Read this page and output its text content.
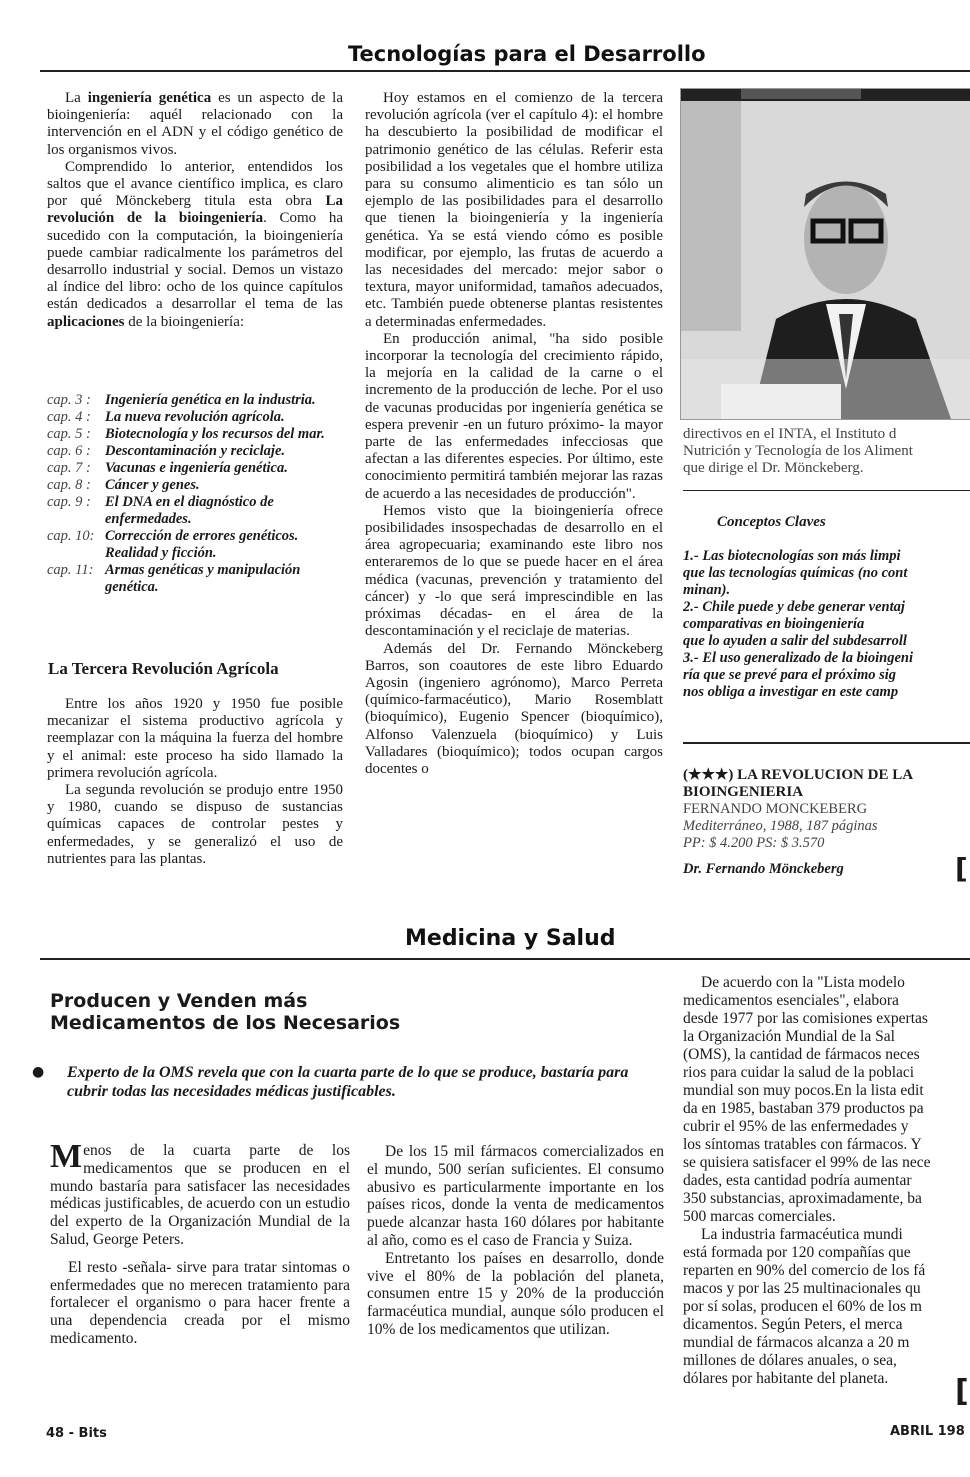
Tecnologías para el Desarrollo

La ingeniería genética es un aspecto de la bioingeniería: aquél relacionado con la intervención en el ADN y el código genético de los organismos vivos.

Comprendido lo anterior, entendidos los saltos que el avance científico implica, es claro por qué Mönckeberg titula esta obra La revolución de la bioingeniería. Como ha sucedido con la computación, la bioingeniería puede cambiar radicalmente los parámetros del desarrollo industrial y social. Demos un vistazo al índice del libro: ocho de los quince capítulos están dedicados a desarrollar el tema de las aplicaciones de la bioingeniería:

cap. 3 : Ingeniería genética en la industria.
cap. 4 : La nueva revolución agrícola.
cap. 5 : Biotecnología y los recursos del mar.
cap. 6 : Descontaminación y reciclaje.
cap. 7 : Vacunas e ingeniería genética.
cap. 8 : Cáncer y genes.
cap. 9 : El DNA en el diagnóstico de enfermedades.
cap. 10: Corrección de errores genéticos. Realidad y ficción.
cap. 11: Armas genéticas y manipulación genética.
La Tercera Revolución Agrícola

Entre los años 1920 y 1950 fue posible mecanizar el sistema productivo agrícola y reemplazar con la máquina la fuerza del hombre y el animal: este proceso ha sido llamado la primera revolución agrícola.

La segunda revolución se produjo entre 1950 y 1980, cuando se dispuso de sustancias químicas capaces de controlar pestes y enfermedades, y se generalizó el uso de nutrientes para las plantas.

Hoy estamos en el comienzo de la tercera revolución agrícola (ver el capítulo 4): el hombre ha descubierto la posibilidad de modificar el patrimonio genético de las células. Referir esta posibilidad a los vegetales que el hombre utiliza para su consumo alimenticio es tan sólo un ejemplo de las posibilidades para el desarrollo que tienen la bioingeniería y la ingeniería genética. Ya se está viendo cómo es posible modificar, por ejemplo, las frutas de acuerdo a las necesidades del mercado: mejor sabor o textura, mayor uniformidad, tamaños adecuados, etc. También puede obtenerse plantas resistentes a determinadas enfermedades.

En producción animal, "ha sido posible incorporar la tecnología del crecimiento rápido, la mejoría en la calidad de la carne o el incremento de la producción de leche. Por el uso de vacunas producidas por ingeniería genética se espera prevenir -en un futuro próximo- la mayor parte de las enfermedades infecciosas que afectan a las diferentes especies. Por último, este conocimiento permitirá también mejorar las razas de acuerdo a las necesidades de producción".

Hemos visto que la bioingeniería ofrece posibilidades insospechadas de desarrollo en el área agropecuaria; examinando este libro nos enteraremos de lo que se puede hacer en el área médica (vacunas, prevención y tratamiento del cáncer) y -lo que será imprescindible en las próximas décadas- en el área de la descontaminación y el reciclaje de materias.

Además del Dr. Fernando Mönckeberg Barros, son coautores de este libro Eduardo Agosin (ingeniero agrónomo), Marco Perreta (químico-farmacéutico), Mario Rosemblatt (bioquímico), Eugenio Spencer (bioquímico), Alfonso Valenzuela (bioquímico) y Luis Valladares (bioquímico); todos ocupan cargos docentes o

directivos en el INTA, el Instituto d
Nutrición y Tecnología de los Aliment
que dirige el Dr. Mönckeberg.
Conceptos Claves
1.- Las biotecnologías son más limpi
que las tecnologías químicas (no cont
minan).
2.- Chile puede y debe generar ventaj
comparativas en bioingeniería
que lo ayuden a salir del subdesarroll
3.- El uso generalizado de la bioingeni
ría que se prevé para el próximo sig
nos obliga a investigar en este camp
(★★★) LA REVOLUCION DE LA
BIOINGENIERIA
FERNANDO MONCKEBERG
Mediterráneo, 1988, 187 páginas
PP: $ 4.200 PS: $ 3.570
Dr. Fernando Mönckeberg	[
Medicina y Salud
Producen y Venden más
Medicamentos de los Necesarios
● Experto de la OMS revela que con la cuarta parte de lo que se produce, bastaría para cubrir todas las necesidades médicas justificables.

Menos de la cuarta parte de los medicamentos que se producen en el mundo bastaría para satisfacer las necesidades médicas justificables, de acuerdo con un estudio del experto de la Organización Mundial de la Salud, George Peters.

El resto -señala- sirve para tratar sintomas o enfermedades que no merecen tratamiento para fortalecer el organismo o para hacer frente a una dependencia creada por el mismo medicamento.

De los 15 mil fármacos comercializados en el mundo, 500 serían suficientes. El consumo abusivo es particularmente importante en los países ricos, donde la venta de medicamentos puede alcanzar hasta 160 dólares por habitante al año, como es el caso de Francia y Suiza.

Entretanto los países en desarrollo, donde vive el 80% de la población del planeta, consumen entre 15 y 20% de la producción farmacéutica mundial, aunque sólo producen el 10% de los medicamentos que utilizan.

De acuerdo con la "Lista modelo
medicamentos esenciales", elabora
desde 1977 por las comisiones expertas
la Organización Mundial de la Sal
(OMS), la cantidad de fármacos neces
rios para cuidar la salud de la poblaci
mundial son muy pocos.En la lista edit
da en 1985, bastaban 379 productos pa
cubrir el 95% de las enfermedades y
los síntomas tratables con fármacos. Y
se quisiera satisfacer el 99% de las nece
dades, esta cantidad podría aumentar
350 substancias, aproximadamente, ba
500 marcas comerciales.
La industria farmacéutica mundi
está formada por 120 compañías que
reparten en 90% del comercio de los fá
macos y por las 25 multinacionales qu
por sí solas, producen el 60% de los m
dicamentos. Según Peters, el merca
mundial de fármacos alcanza a 20 m
millones de dólares anuales, o sea,
dólares por habitante del planeta.	[
48 - Bits	ABRIL 198
